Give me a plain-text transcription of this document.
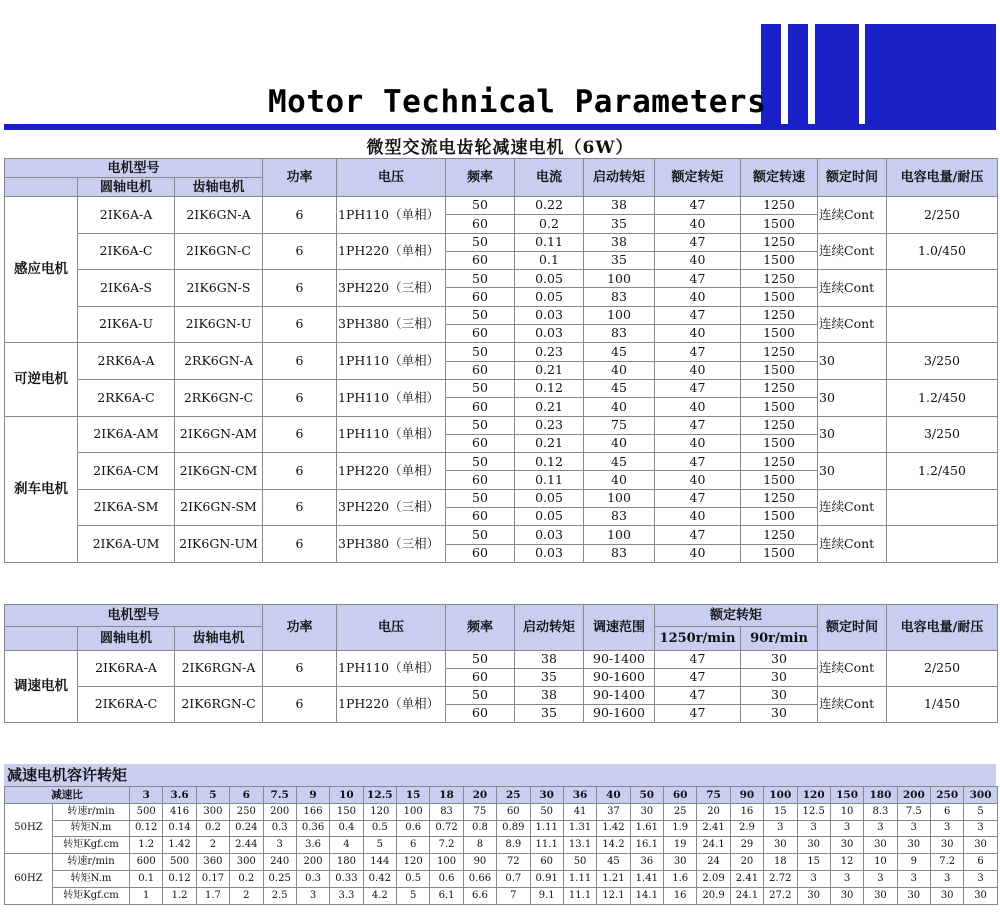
Motor Technical Parameters
微型交流电齿轮减速电机（6W）
电机型号			功率	电压	频率	电流	启动转矩	额定转矩	额定转速	额定时间	电容电量/耐压
	圆轴电机	齿轴电机									
感应电机	2IK6A-A	2IK6GN-A	6	1PH110（单相）	50	0.22	38	47	1250	连续Cont	2/250
					60	0.2	35	40	1500		
	2IK6A-C	2IK6GN-C	6	1PH220（单相）	50	0.11	38	47	1250	连续Cont	1.0/450
					60	0.1	35	40	1500		
	2IK6A-S	2IK6GN-S	6	3PH220（三相）	50	0.05	100	47	1250	连续Cont	
					60	0.05	83	40	1500		
	2IK6A-U	2IK6GN-U	6	3PH380（三相）	50	0.03	100	47	1250	连续Cont	
					60	0.03	83	40	1500		
可逆电机	2RK6A-A	2RK6GN-A	6	1PH110（单相）	50	0.23	45	47	1250	30	3/250
					60	0.21	40	40	1500		
	2RK6A-C	2RK6GN-C	6	1PH110（单相）	50	0.12	45	47	1250	30	1.2/450
					60	0.21	40	40	1500		
刹车电机	2IK6A-AM	2IK6GN-AM	6	1PH110（单相）	50	0.23	75	47	1250	30	3/250
					60	0.21	40	40	1500		
	2IK6A-CM	2IK6GN-CM	6	1PH220（单相）	50	0.12	45	47	1250	30	1.2/450
					60	0.11	40	40	1500		
	2IK6A-SM	2IK6GN-SM	6	3PH220（三相）	50	0.05	100	47	1250	连续Cont	
					60	0.05	83	40	1500		
	2IK6A-UM	2IK6GN-UM	6	3PH380（三相）	50	0.03	100	47	1250	连续Cont	
					60	0.03	83	40	1500		
电机型号			功率	电压	频率	启动转矩	调速范围	额定转矩		额定时间	电容电量/耐压
	圆轴电机	齿轴电机						1250r/min	90r/min		
调速电机	2IK6RA-A	2IK6RGN-A	6	1PH110（单相）	50	38	90-1400	47	30	连续Cont	2/250
					60	35	90-1600	47	30		
	2IK6RA-C	2IK6RGN-C	6	1PH220（单相）	50	38	90-1400	47	30	连续Cont	1/450
					60	35	90-1600	47	30		
减速电机容许转矩
减速比		3	3.6	5	6	7.5	9	10	12.5	15	18	20	25	30	36	40	50	60	75	90	100	120	150	180	200	250	300
50HZ	转速r/min	500	416	300	250	200	166	150	120	100	83	75	60	50	41	37	30	25	20	16	15	12.5	10	8.3	7.5	6	5
	转矩N.m	0.12	0.14	0.2	0.24	0.3	0.36	0.4	0.5	0.6	0.72	0.8	0.89	1.11	1.31	1.42	1.61	1.9	2.41	2.9	3	3	3	3	3	3	3
	转矩Kgf.cm	1.2	1.42	2	2.44	3	3.6	4	5	6	7.2	8	8.9	11.1	13.1	14.2	16.1	19	24.1	29	30	30	30	30	30	30	30
60HZ	转速r/min	600	500	360	300	240	200	180	144	120	100	90	72	60	50	45	36	30	24	20	18	15	12	10	9	7.2	6
	转矩N.m	0.1	0.12	0.17	0.2	0.25	0.3	0.33	0.42	0.5	0.6	0.66	0.7	0.91	1.11	1.21	1.41	1.6	2.09	2.41	2.72	3	3	3	3	3	3
	转矩Kgf.cm	1	1.2	1.7	2	2.5	3	3.3	4.2	5	6.1	6.6	7	9.1	11.1	12.1	14.1	16	20.9	24.1	27.2	30	30	30	30	30	30
